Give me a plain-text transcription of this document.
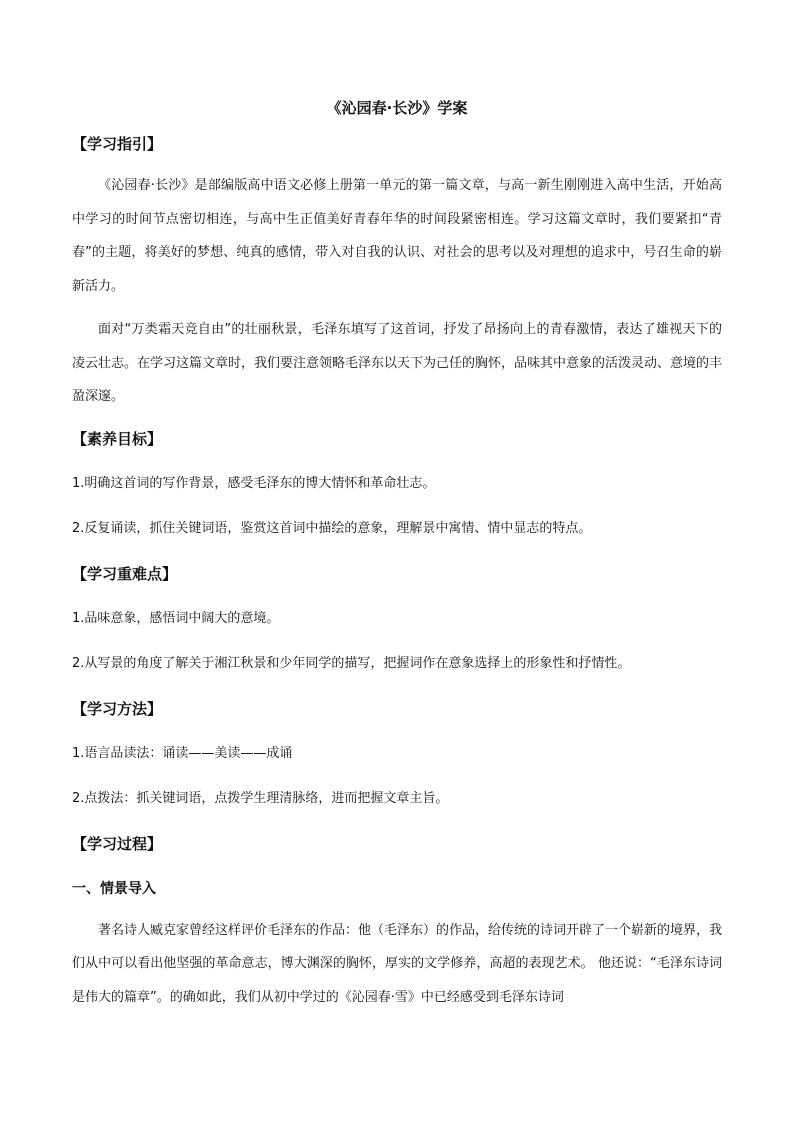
《沁园春·长沙》学案
【学习指引】

《沁园春·长沙》是部编版高中语文必修上册第一单元的第一篇文章，与高一新生刚刚进入高中生活，开始高中学习的时间节点密切相连，与高中生正值美好青春年华的时间段紧密相连。学习这篇文章时，我们要紧扣“青春”的主题，将美好的梦想、纯真的感情，带入对自我的认识、对社会的思考以及对理想的追求中，号召生命的崭新活力。

面对“万类霜天竞自由”的壮丽秋景，毛泽东填写了这首词，抒发了昂扬向上的青春激情，表达了雄视天下的凌云壮志。在学习这篇文章时，我们要注意领略毛泽东以天下为己任的胸怀，品味其中意象的活泼灵动、意境的丰盈深邃。

【素养目标】

1.明确这首词的写作背景，感受毛泽东的博大情怀和革命壮志。

2.反复诵读，抓住关键词语，鉴赏这首词中描绘的意象，理解景中寓情、情中显志的特点。

【学习重难点】

1.品味意象，感悟词中阔大的意境。

2.从写景的角度了解关于湘江秋景和少年同学的描写，把握词作在意象选择上的形象性和抒情性。

【学习方法】

1.语言品读法：诵读——美读——成诵

2.点拨法：抓关键词语，点拨学生理清脉络，进而把握文章主旨。

【学习过程】
一、情景导入

著名诗人臧克家曾经这样评价毛泽东的作品：他（毛泽东）的作品，给传统的诗词开辟了一个崭新的境界，我们从中可以看出他坚强的革命意志，博大渊深的胸怀，厚实的文学修养，高超的表现艺术。 他还说：“毛泽东诗词是伟大的篇章”。的确如此，我们从初中学过的《沁园春·雪》中已经感受到毛泽东诗词
